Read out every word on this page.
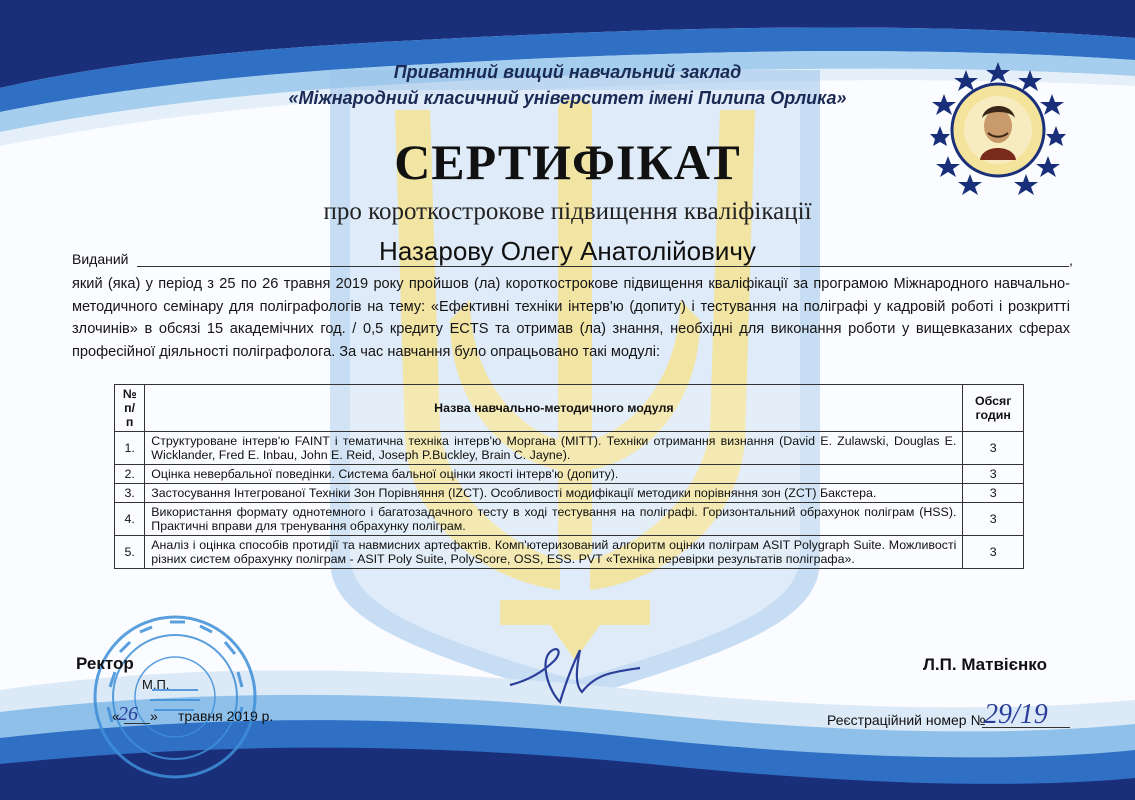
Приватний вищий навчальний заклад
«Міжнародний класичний університет імені Пилипа Орлика»
СЕРТИФІКАТ
про короткострокове підвищення кваліфікації
Виданий	Назарову Олегу Анатолійовичу	,
який (яка) у період з 25 по 26 травня 2019 року пройшов (ла) короткострокове підвищення кваліфікації за програмою Міжнародного навчально-методичного семінару для поліграфологів на тему: «Ефективні техніки інтерв'ю (допиту) і тестування на поліграфі у кадровій роботі і розкритті злочинів» в обсязі 15 академічних год. / 0,5 кредиту ECTS та отримав (ла) знання, необхідні для виконання роботи у вищевказаних сферах професійної діяльності поліграфолога. За час навчання було опрацьовано такі модулі:
№ п/п	Назва навчально-методичного модуля	Обсяг годин
1.	Структуроване інтерв'ю FAINT і тематична техніка інтерв'ю Моргана (MITT). Техніки отримання визнання (David E. Zulawski, Douglas E. Wicklander, Fred E. Inbau, John E. Reid, Joseph P.Buckley, Brain C. Jayne).	3
2.	Оцінка невербальної поведінки. Система бальної оцінки якості інтерв'ю (допиту).	3
3.	Застосування Інтегрованої Техніки Зон Порівняння (IZCT). Особливості модифікації методики порівняння зон (ZCT) Бакстера.	3
4.	Використання формату однотемного і багатозадачного тесту в ході тестування на поліграфі. Горизонтальний обрахунок поліграм (HSS). Практичні вправи для тренування обрахунку поліграм.	3
5.	Аналіз і оцінка способів протидії та навмисних артефактів. Комп'ютеризований алгоритм оцінки поліграм ASIT Polygraph Suite. Можливості різних систем обрахунку поліграм - ASIT Poly Suite, PolyScore, OSS, ESS. PVT «Техніка перевірки результатів поліграфа».	3
Ректор
М.П.
«
26 » травня 2019 р.
Л.П. Матвієнко
Реєстраційний номер №
29/19
